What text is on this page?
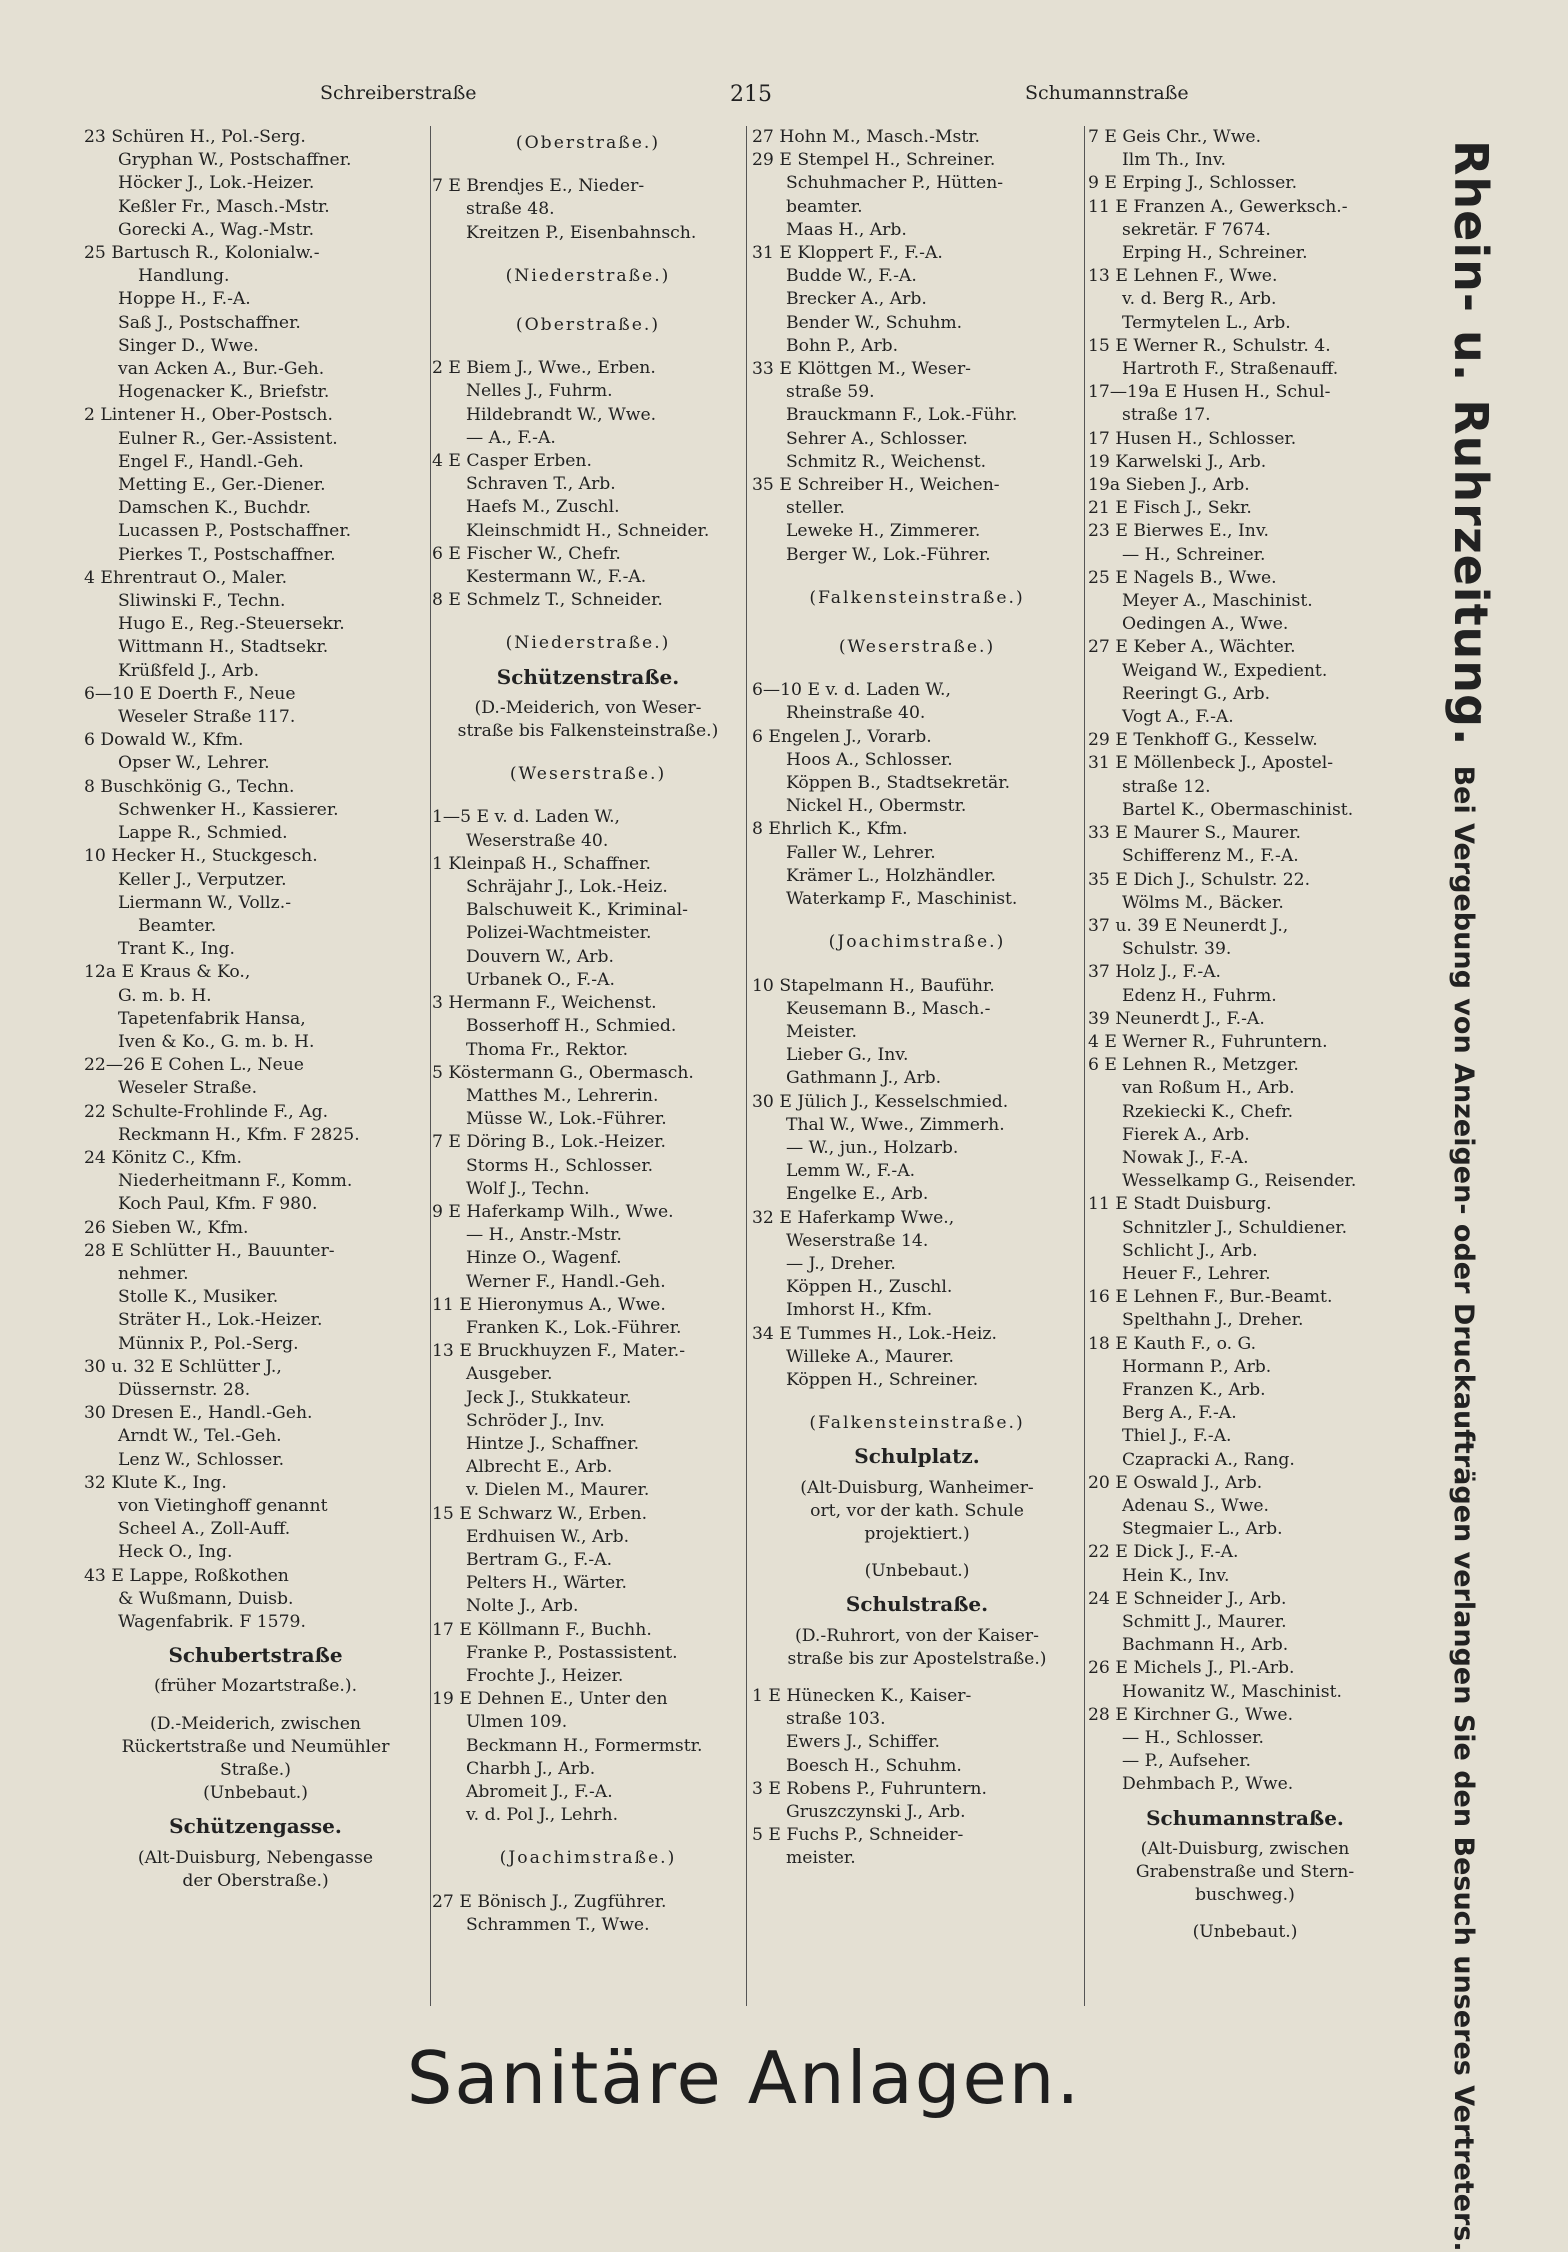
Schreiberstraße	215	Schumannstraße
23 Schüren H., Pol.-Serg.
Gryphan W., Postschaffner.
Höcker J., Lok.-Heizer.
Keßler Fr., Masch.-Mstr.
Gorecki A., Wag.-Mstr.
25 Bartusch R., Kolonialw.-
Handlung.
Hoppe H., F.-A.
Saß J., Postschaffner.
Singer D., Wwe.
van Acken A., Bur.-Geh.
Hogenacker K., Briefstr.
2 Lintener H., Ober-Postsch.
Eulner R., Ger.-Assistent.
Engel F., Handl.-Geh.
Metting E., Ger.-Diener.
Damschen K., Buchdr.
Lucassen P., Postschaffner.
Pierkes T., Postschaffner.
4 Ehrentraut O., Maler.
Sliwinski F., Techn.
Hugo E., Reg.-Steuersekr.
Wittmann H., Stadtsekr.
Krüßfeld J., Arb.
6—10 E Doerth F., Neue
Weseler Straße 117.
6 Dowald W., Kfm.
Opser W., Lehrer.
8 Buschkönig G., Techn.
Schwenker H., Kassierer.
Lappe R., Schmied.
10 Hecker H., Stuckgesch.
Keller J., Verputzer.
Liermann W., Vollz.-
Beamter.
Trant K., Ing.
12a E Kraus & Ko.,
G. m. b. H.
Tapetenfabrik Hansa,
Iven & Ko., G. m. b. H.
22—26 E Cohen L., Neue
Weseler Straße.
22 Schulte-Frohlinde F., Ag.
Reckmann H., Kfm. F 2825.
24 Könitz C., Kfm.
Niederheitmann F., Komm.
Koch Paul, Kfm. F 980.
26 Sieben W., Kfm.
28 E Schlütter H., Bauunter-
nehmer.
Stolle K., Musiker.
Sträter H., Lok.-Heizer.
Münnix P., Pol.-Serg.
30 u. 32 E Schlütter J.,
Düssernstr. 28.
30 Dresen E., Handl.-Geh.
Arndt W., Tel.-Geh.
Lenz W., Schlosser.
32 Klute K., Ing.
von Vietinghoff genannt
Scheel A., Zoll-Auff.
Heck O., Ing.
43 E Lappe, Roßkothen
& Wußmann, Duisb.
Wagenfabrik. F 1579.
Schubertstraße
(früher Mozartstraße.).
(D.-Meiderich, zwischen
Rückertstraße und Neumühler
Straße.)
(Unbebaut.)
Schützengasse.
(Alt-Duisburg, Nebengasse
der Oberstraße.)
(Oberstraße.)
7 E Brendjes E., Nieder-
straße 48.
Kreitzen P., Eisenbahnsch.
(Niederstraße.)
(Oberstraße.)
2 E Biem J., Wwe., Erben.
Nelles J., Fuhrm.
Hildebrandt W., Wwe.
— A., F.-A.
4 E Casper Erben.
Schraven T., Arb.
Haefs M., Zuschl.
Kleinschmidt H., Schneider.
6 E Fischer W., Chefr.
Kestermann W., F.-A.
8 E Schmelz T., Schneider.
(Niederstraße.)
Schützenstraße.
(D.-Meiderich, von Weser-
straße bis Falkensteinstraße.)
(Weserstraße.)
1—5 E v. d. Laden W.,
Weserstraße 40.
1 Kleinpaß H., Schaffner.
Schräjahr J., Lok.-Heiz.
Balschuweit K., Kriminal-
Polizei-Wachtmeister.
Douvern W., Arb.
Urbanek O., F.-A.
3 Hermann F., Weichenst.
Bosserhoff H., Schmied.
Thoma Fr., Rektor.
5 Köstermann G., Obermasch.
Matthes M., Lehrerin.
Müsse W., Lok.-Führer.
7 E Döring B., Lok.-Heizer.
Storms H., Schlosser.
Wolf J., Techn.
9 E Haferkamp Wilh., Wwe.
— H., Anstr.-Mstr.
Hinze O., Wagenf.
Werner F., Handl.-Geh.
11 E Hieronymus A., Wwe.
Franken K., Lok.-Führer.
13 E Bruckhuyzen F., Mater.-
Ausgeber.
Jeck J., Stukkateur.
Schröder J., Inv.
Hintze J., Schaffner.
Albrecht E., Arb.
v. Dielen M., Maurer.
15 E Schwarz W., Erben.
Erdhuisen W., Arb.
Bertram G., F.-A.
Pelters H., Wärter.
Nolte J., Arb.
17 E Köllmann F., Buchh.
Franke P., Postassistent.
Frochte J., Heizer.
19 E Dehnen E., Unter den
Ulmen 109.
Beckmann H., Formermstr.
Charbh J., Arb.
Abromeit J., F.-A.
v. d. Pol J., Lehrh.
(Joachimstraße.)
27 E Bönisch J., Zugführer.
Schrammen T., Wwe.
27 Hohn M., Masch.-Mstr.
29 E Stempel H., Schreiner.
Schuhmacher P., Hütten-
beamter.
Maas H., Arb.
31 E Kloppert F., F.-A.
Budde W., F.-A.
Brecker A., Arb.
Bender W., Schuhm.
Bohn P., Arb.
33 E Klöttgen M., Weser-
straße 59.
Brauckmann F., Lok.-Führ.
Sehrer A., Schlosser.
Schmitz R., Weichenst.
35 E Schreiber H., Weichen-
steller.
Leweke H., Zimmerer.
Berger W., Lok.-Führer.
(Falkensteinstraße.)
(Weserstraße.)
6—10 E v. d. Laden W.,
Rheinstraße 40.
6 Engelen J., Vorarb.
Hoos A., Schlosser.
Köppen B., Stadtsekretär.
Nickel H., Obermstr.
8 Ehrlich K., Kfm.
Faller W., Lehrer.
Krämer L., Holzhändler.
Waterkamp F., Maschinist.
(Joachimstraße.)
10 Stapelmann H., Bauführ.
Keusemann B., Masch.-
Meister.
Lieber G., Inv.
Gathmann J., Arb.
30 E Jülich J., Kesselschmied.
Thal W., Wwe., Zimmerh.
— W., jun., Holzarb.
Lemm W., F.-A.
Engelke E., Arb.
32 E Haferkamp Wwe.,
Weserstraße 14.
— J., Dreher.
Köppen H., Zuschl.
Imhorst H., Kfm.
34 E Tummes H., Lok.-Heiz.
Willeke A., Maurer.
Köppen H., Schreiner.
(Falkensteinstraße.)
Schulplatz.
(Alt-Duisburg, Wanheimer-
ort, vor der kath. Schule
projektiert.)
(Unbebaut.)
Schulstraße.
(D.-Ruhrort, von der Kaiser-
straße bis zur Apostelstraße.)
1 E Hünecken K., Kaiser-
straße 103.
Ewers J., Schiffer.
Boesch H., Schuhm.
3 E Robens P., Fuhruntern.
Gruszczynski J., Arb.
5 E Fuchs P., Schneider-
meister.
7 E Geis Chr., Wwe.
Ilm Th., Inv.
9 E Erping J., Schlosser.
11 E Franzen A., Gewerksch.-
sekretär. F 7674.
Erping H., Schreiner.
13 E Lehnen F., Wwe.
v. d. Berg R., Arb.
Termytelen L., Arb.
15 E Werner R., Schulstr. 4.
Hartroth F., Straßenauff.
17—19a E Husen H., Schul-
straße 17.
17 Husen H., Schlosser.
19 Karwelski J., Arb.
19a Sieben J., Arb.
21 E Fisch J., Sekr.
23 E Bierwes E., Inv.
— H., Schreiner.
25 E Nagels B., Wwe.
Meyer A., Maschinist.
Oedingen A., Wwe.
27 E Keber A., Wächter.
Weigand W., Expedient.
Reeringt G., Arb.
Vogt A., F.-A.
29 E Tenkhoff G., Kesselw.
31 E Möllenbeck J., Apostel-
straße 12.
Bartel K., Obermaschinist.
33 E Maurer S., Maurer.
Schifferenz M., F.-A.
35 E Dich J., Schulstr. 22.
Wölms M., Bäcker.
37 u. 39 E Neunerdt J.,
Schulstr. 39.
37 Holz J., F.-A.
Edenz H., Fuhrm.
39 Neunerdt J., F.-A.
4 E Werner R., Fuhruntern.
6 E Lehnen R., Metzger.
van Roßum H., Arb.
Rzekiecki K., Chefr.
Fierek A., Arb.
Nowak J., F.-A.
Wesselkamp G., Reisender.
11 E Stadt Duisburg.
Schnitzler J., Schuldiener.
Schlicht J., Arb.
Heuer F., Lehrer.
16 E Lehnen F., Bur.-Beamt.
Spelthahn J., Dreher.
18 E Kauth F., o. G.
Hormann P., Arb.
Franzen K., Arb.
Berg A., F.-A.
Thiel J., F.-A.
Czapracki A., Rang.
20 E Oswald J., Arb.
Adenau S., Wwe.
Stegmaier L., Arb.
22 E Dick J., F.-A.
Hein K., Inv.
24 E Schneider J., Arb.
Schmitt J., Maurer.
Bachmann H., Arb.
26 E Michels J., Pl.-Arb.
Howanitz W., Maschinist.
28 E Kirchner G., Wwe.
— H., Schlosser.
— P., Aufseher.
Dehmbach P., Wwe.
Schumannstraße.
(Alt-Duisburg, zwischen
Grabenstraße und Stern-
buschweg.)
(Unbebaut.)
Rhein- u. Ruhrzeitung. Bei Vergebung von Anzeigen- oder Druckaufträgen verlangen Sie den Besuch unseres Vertreters.
Sanitäre Anlagen.
